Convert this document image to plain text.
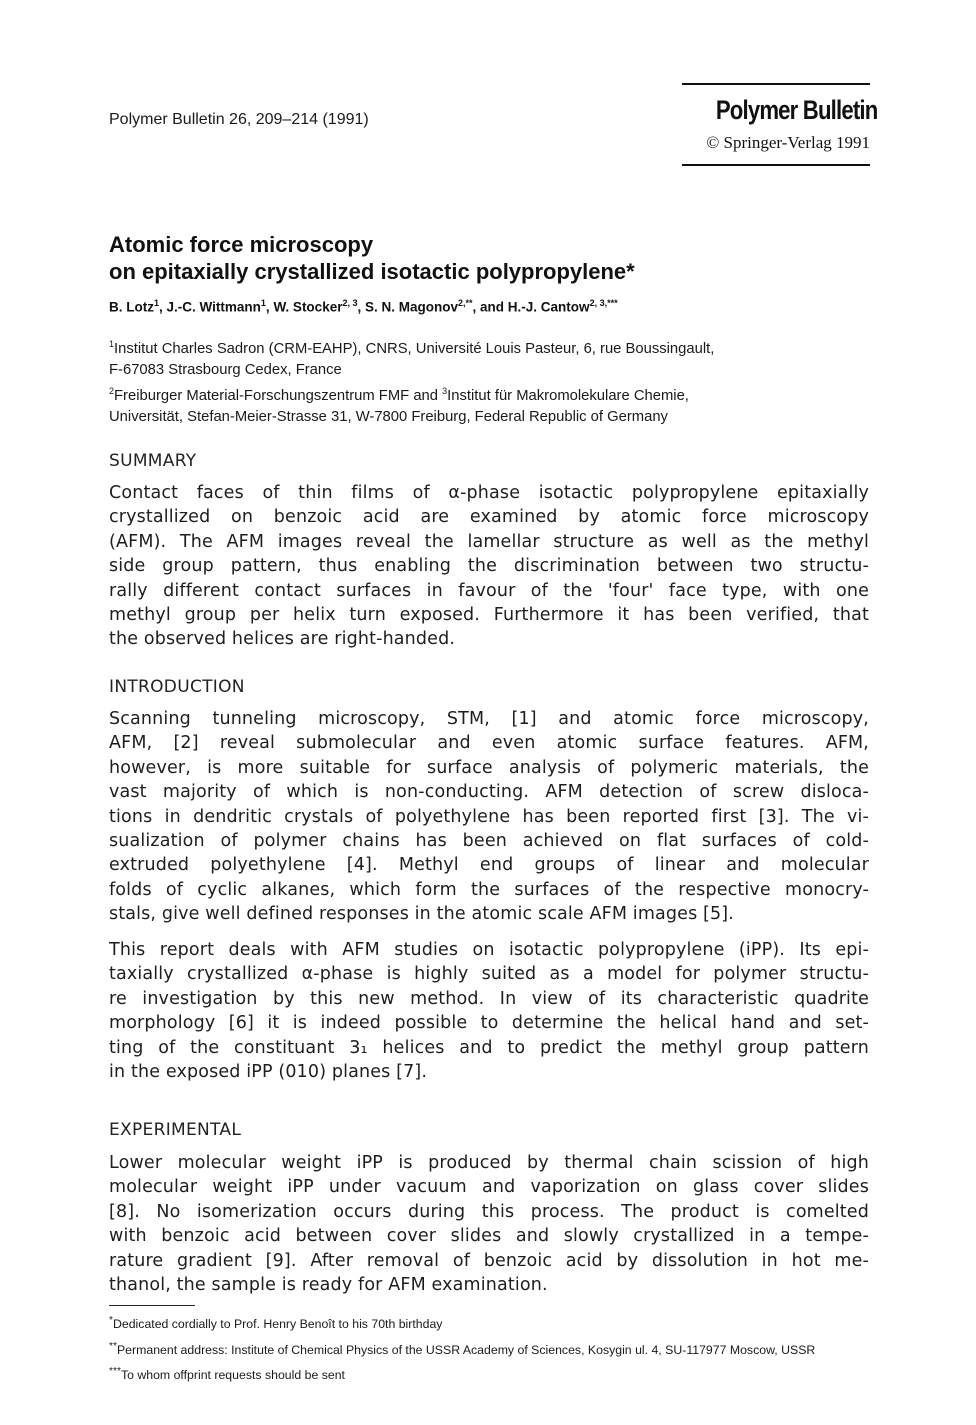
Polymer Bulletin 26, 209–214 (1991)	Polymer Bulletin
© Springer-Verlag 1991
Atomic force microscopy
on epitaxially crystallized isotactic polypropylene*
B. Lotz$^1$, J.-C. Wittmann$^1$, W. Stocker$^{2, 3}$, S. N. Magonov$^{2,**}$, and H.-J. Cantow$^{2, 3,***}$
$^1$Institut Charles Sadron (CRM-EAHP), CNRS, Université Louis Pasteur, 6, rue Boussingault,
F-67083 Strasbourg Cedex, France
$^2$Freiburger Material-Forschungszentrum FMF and $^3$Institut für Makromolekulare Chemie,
Universität, Stefan-Meier-Strasse 31, W-7800 Freiburg, Federal Republic of Germany
SUMMARY
Contact faces of thin films of α-phase isotactic polypropylene epitaxially
crystallized on benzoic acid are examined by atomic force microscopy
(AFM). The AFM images reveal the lamellar structure as well as the methyl
side group pattern, thus enabling the discrimination between two structu-
rally different contact surfaces in favour of the 'four' face type, with one
methyl group per helix turn exposed. Furthermore it has been verified, that
the observed helices are right-handed.
INTRODUCTION
Scanning tunneling microscopy, STM, [1] and atomic force microscopy,
AFM, [2] reveal submolecular and even atomic surface features. AFM,
however, is more suitable for surface analysis of polymeric materials, the
vast majority of which is non-conducting. AFM detection of screw disloca-
tions in dendritic crystals of polyethylene has been reported first [3]. The vi-
sualization of polymer chains has been achieved on flat surfaces of cold-
extruded polyethylene [4]. Methyl end groups of linear and molecular
folds of cyclic alkanes, which form the surfaces of the respective monocry-
stals, give well defined responses in the atomic scale AFM images [5].
This report deals with AFM studies on isotactic polypropylene (iPP). Its epi-
taxially crystallized α-phase is highly suited as a model for polymer structu-
re investigation by this new method. In view of its characteristic quadrite
morphology [6] it is indeed possible to determine the helical hand and set-
ting of the constituant 3₁ helices and to predict the methyl group pattern
in the exposed iPP (010) planes [7].
EXPERIMENTAL
Lower molecular weight iPP is produced by thermal chain scission of high
molecular weight iPP under vacuum and vaporization on glass cover slides
[8]. No isomerization occurs during this process. The product is comelted
with benzoic acid between cover slides and slowly crystallized in a tempe-
rature gradient [9]. After removal of benzoic acid by dissolution in hot me-
thanol, the sample is ready for AFM examination.
*Dedicated cordially to Prof. Henry Benoît to his 70th birthday
**Permanent address: Institute of Chemical Physics of the USSR Academy of Sciences, Kosygin ul. 4, SU-117977 Moscow, USSR
***To whom offprint requests should be sent
